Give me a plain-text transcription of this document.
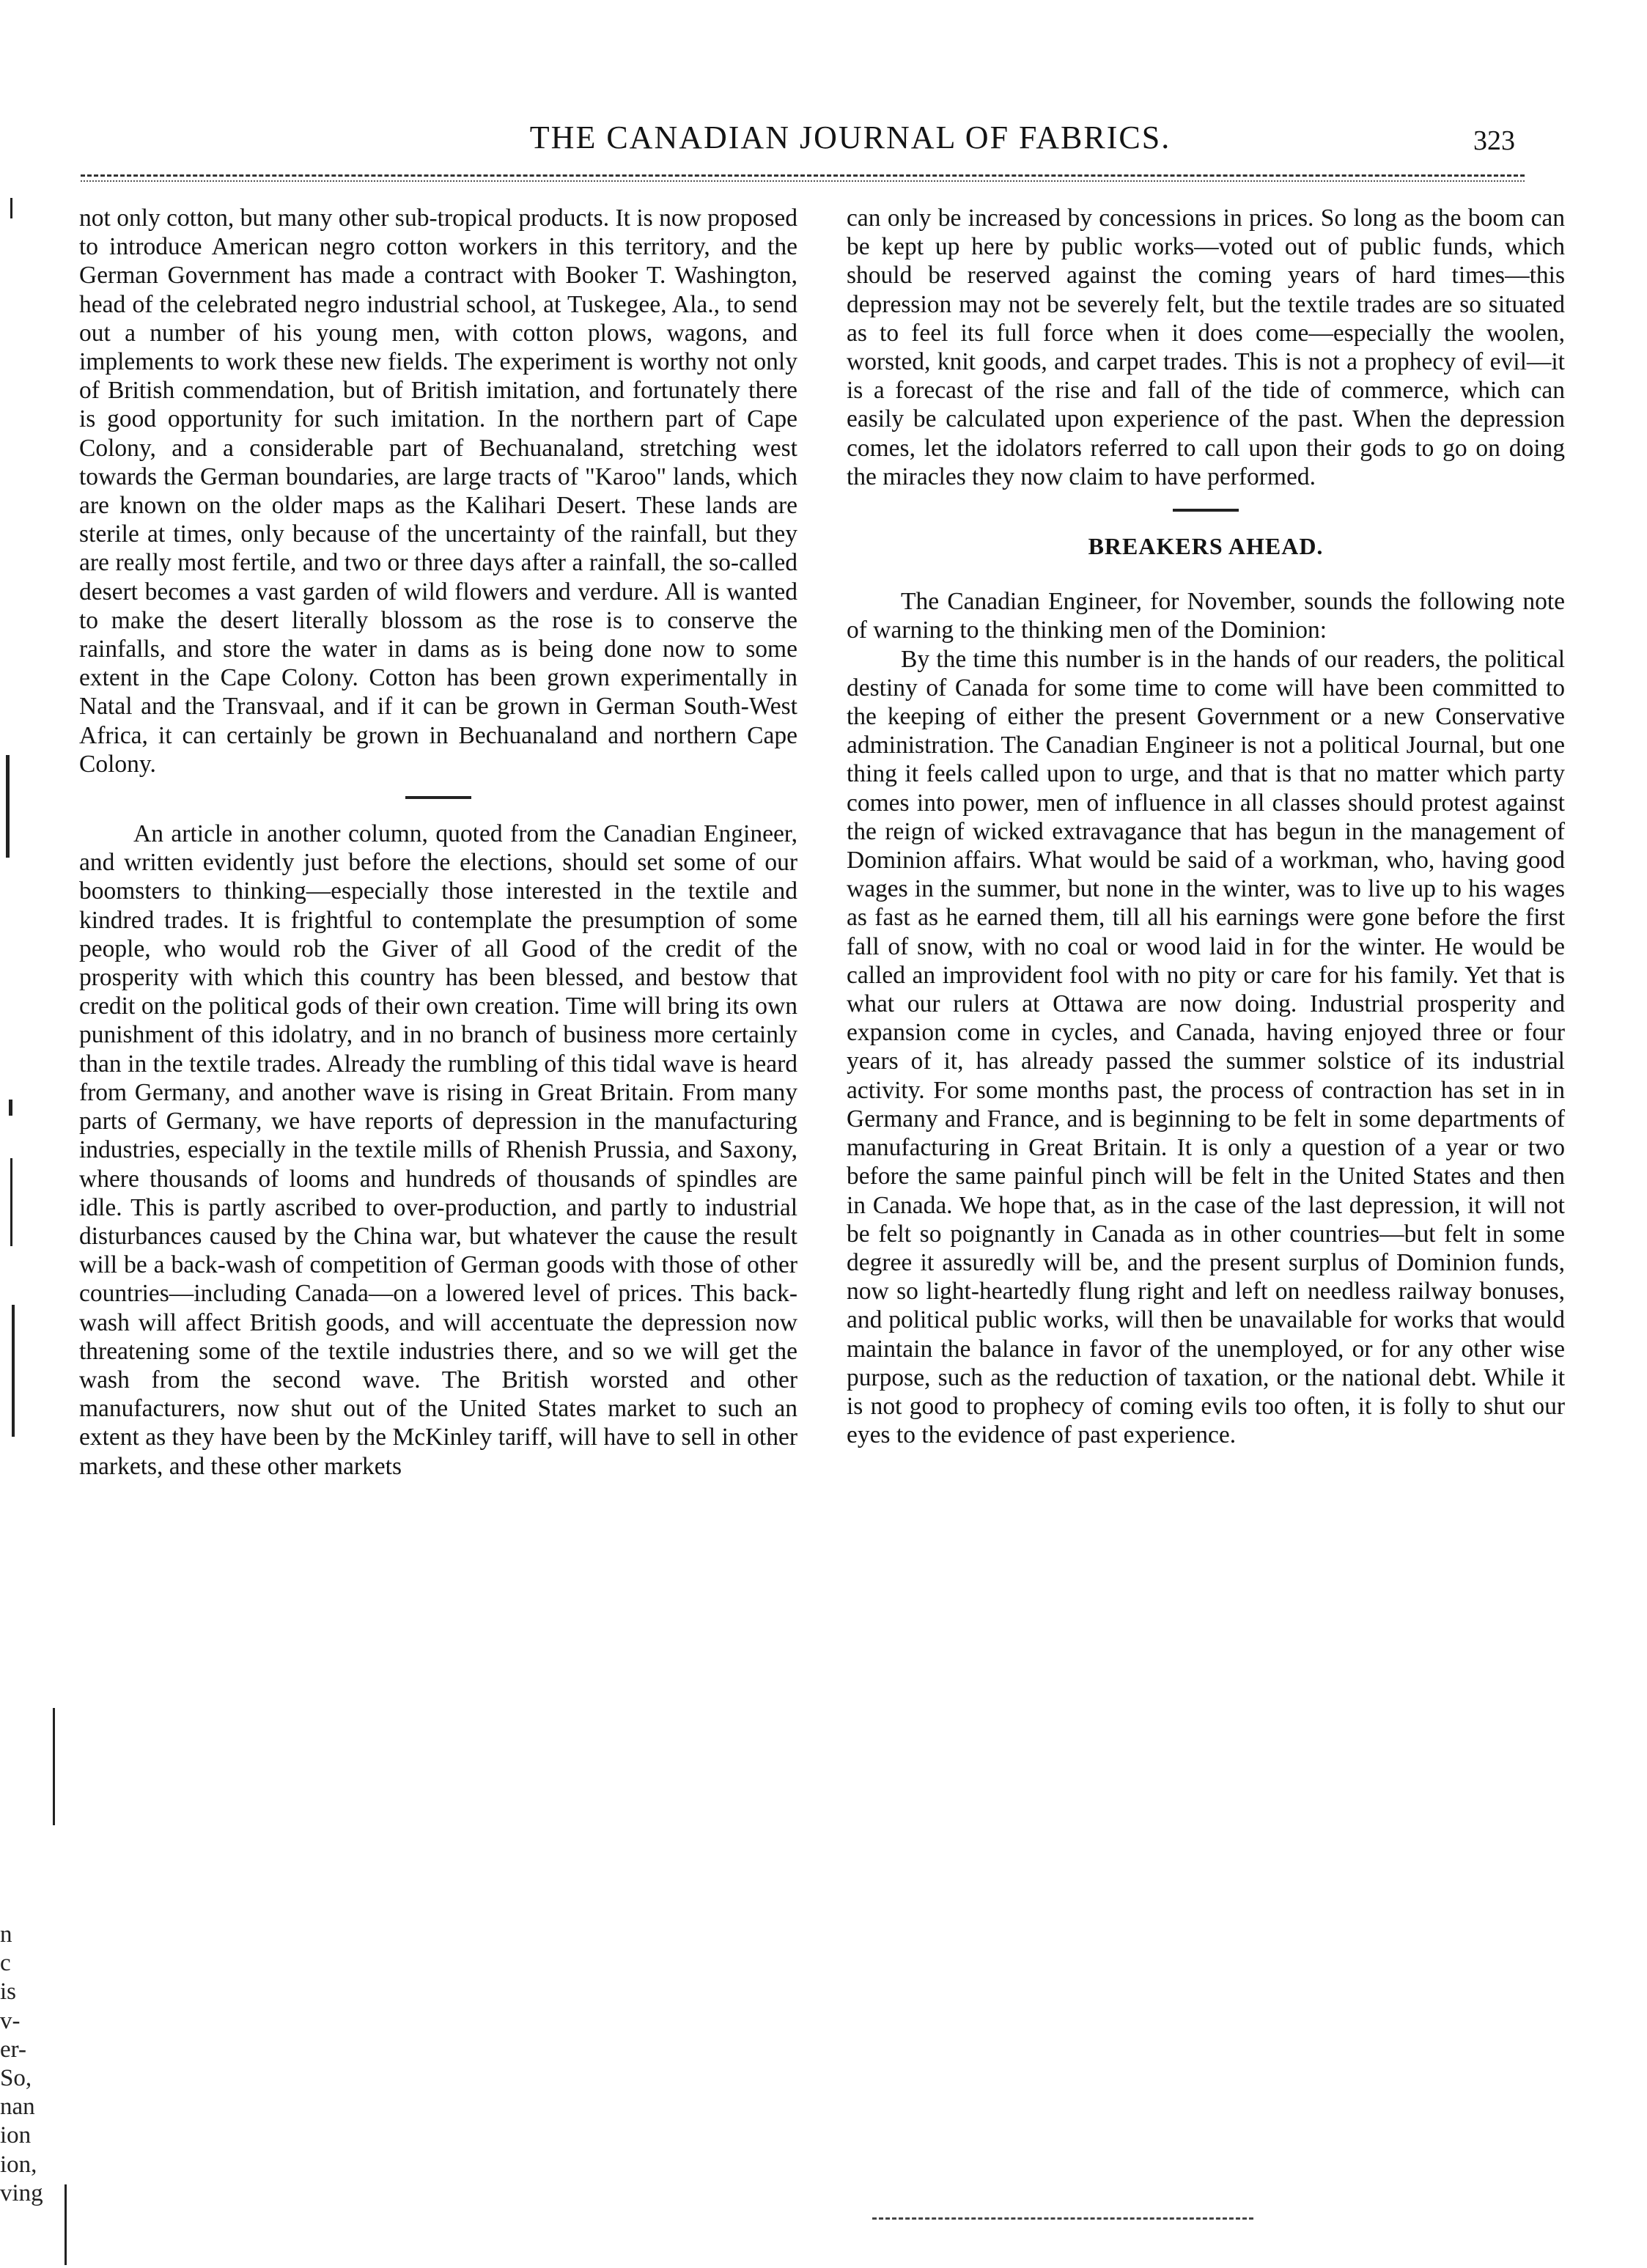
THE CANADIAN JOURNAL OF FABRICS.	323

not only cotton, but many other sub-tropical products. It is now proposed to introduce American negro cotton workers in this territory, and the German Government has made a contract with Booker T. Washington, head of the celebrated negro industrial school, at Tuskegee, Ala., to send out a number of his young men, with cotton plows, wagons, and implements to work these new fields. The experiment is worthy not only of British commendation, but of British imitation, and fortunately there is good opportunity for such imitation. In the northern part of Cape Colony, and a considerable part of Bechuanaland, stretching west towards the German boundaries, are large tracts of "Karoo" lands, which are known on the older maps as the Kalihari Desert. These lands are sterile at times, only because of the uncertainty of the rainfall, but they are really most fertile, and two or three days after a rainfall, the so-called desert becomes a vast garden of wild flowers and verdure. All is wanted to make the desert literally blossom as the rose is to conserve the rainfalls, and store the water in dams as is being done now to some extent in the Cape Colony. Cotton has been grown experimentally in Natal and the Transvaal, and if it can be grown in German South-West Africa, it can certainly be grown in Bechuanaland and northern Cape Colony.

An article in another column, quoted from the Canadian Engineer, and written evidently just before the elections, should set some of our boomsters to thinking—especially those interested in the textile and kindred trades. It is frightful to contemplate the presumption of some people, who would rob the Giver of all Good of the credit of the prosperity with which this country has been blessed, and bestow that credit on the political gods of their own creation. Time will bring its own punishment of this idolatry, and in no branch of business more certainly than in the textile trades. Already the rumbling of this tidal wave is heard from Germany, and another wave is rising in Great Britain. From many parts of Germany, we have reports of depression in the manufacturing industries, especially in the textile mills of Rhenish Prussia, and Saxony, where thousands of looms and hundreds of thousands of spindles are idle. This is partly ascribed to over-production, and partly to industrial disturbances caused by the China war, but whatever the cause the result will be a back-wash of competition of German goods with those of other countries—including Canada—on a lowered level of prices. This back-wash will affect British goods, and will accentuate the depression now threatening some of the textile industries there, and so we will get the wash from the second wave. The British worsted and other manufacturers, now shut out of the United States market to such an extent as they have been by the McKinley tariff, will have to sell in other markets, and these other markets

can only be increased by concessions in prices. So long as the boom can be kept up here by public works—voted out of public funds, which should be reserved against the coming years of hard times—this depression may not be severely felt, but the textile trades are so situated as to feel its full force when it does come—especially the woolen, worsted, knit goods, and carpet trades. This is not a prophecy of evil—it is a forecast of the rise and fall of the tide of commerce, which can easily be calculated upon experience of the past. When the depression comes, let the idolators referred to call upon their gods to go on doing the miracles they now claim to have performed.

BREAKERS AHEAD.

The Canadian Engineer, for November, sounds the following note of warning to the thinking men of the Dominion:

By the time this number is in the hands of our readers, the political destiny of Canada for some time to come will have been committed to the keeping of either the present Government or a new Conservative administration. The Canadian Engineer is not a political Journal, but one thing it feels called upon to urge, and that is that no matter which party comes into power, men of influence in all classes should protest against the reign of wicked extravagance that has begun in the management of Dominion affairs. What would be said of a workman, who, having good wages in the summer, but none in the winter, was to live up to his wages as fast as he earned them, till all his earnings were gone before the first fall of snow, with no coal or wood laid in for the winter. He would be called an improvident fool with no pity or care for his family. Yet that is what our rulers at Ottawa are now doing. Industrial prosperity and expansion come in cycles, and Canada, having enjoyed three or four years of it, has already passed the summer solstice of its industrial activity. For some months past, the process of contraction has set in in Germany and France, and is beginning to be felt in some departments of manufacturing in Great Britain. It is only a question of a year or two before the same painful pinch will be felt in the United States and then in Canada. We hope that, as in the case of the last depression, it will not be felt so poignantly in Canada as in other countries—but felt in some degree it assuredly will be, and the present surplus of Dominion funds, now so light-heartedly flung right and left on needless railway bonuses, and political public works, will then be unavailable for works that would maintain the balance in favor of the unemployed, or for any other wise purpose, such as the reduction of taxation, or the national debt. While it is not good to prophecy of coming evils too often, it is folly to shut our eyes to the evidence of past experience.

n
c
is
v-
er-
So,
nan
ion
ion,
ving
